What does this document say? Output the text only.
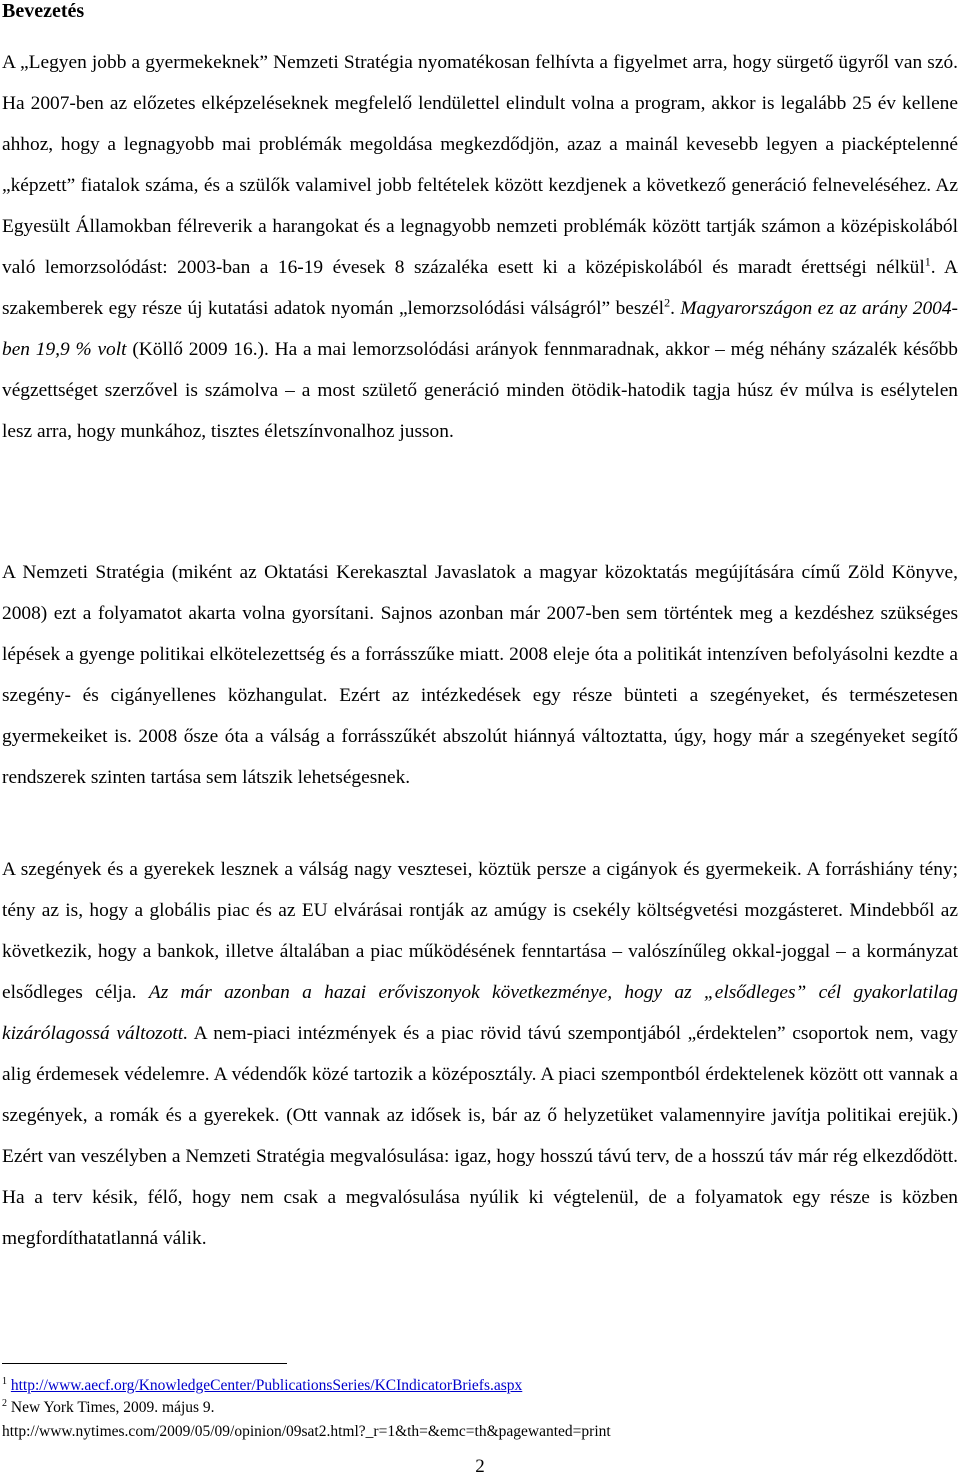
Bevezetés

A „Legyen jobb a gyermekeknek” Nemzeti Stratégia nyomatékosan felhívta a figyelmet arra, hogy sürgető ügyről van szó. Ha 2007-ben az előzetes elképzeléseknek megfelelő lendülettel elindult volna a program, akkor is legalább 25 év kellene ahhoz, hogy a legnagyobb mai problémák megoldása megkezdődjön, azaz a mainál kevesebb legyen a piacképtelenné „képzett” fiatalok száma, és a szülők valamivel jobb feltételek között kezdjenek a következő generáció felneveléséhez. Az Egyesült Államokban félreverik a harangokat és a legnagyobb nemzeti problémák között tartják számon a középiskolából való lemorzsolódást: 2003-ban a 16-19 évesek 8 százaléka esett ki a középiskolából és maradt érettségi nélkül$^1$. A szakemberek egy része új kutatási adatok nyomán „lemorzsolódási válságról” beszél$^2$. Magyarországon ez az arány 2004-ben 19,9 % volt (Köllő 2009 16.). Ha a mai lemorzsolódási arányok fennmaradnak, akkor – még néhány százalék később végzettséget szerzővel is számolva – a most születő generáció minden ötödik-hatodik tagja húsz év múlva is esélytelen lesz arra, hogy munkához, tisztes életszínvonalhoz jusson.

A Nemzeti Stratégia (miként az Oktatási Kerekasztal Javaslatok a magyar közoktatás megújítására című Zöld Könyve, 2008) ezt a folyamatot akarta volna gyorsítani. Sajnos azonban már 2007-ben sem történtek meg a kezdéshez szükséges lépések a gyenge politikai elkötelezettség és a forrásszűke miatt. 2008 eleje óta a politikát intenzíven befolyásolni kezdte a szegény- és cigányellenes közhangulat. Ezért az intézkedések egy része bünteti a szegényeket, és természetesen gyermekeiket is. 2008 ősze óta a válság a forrásszűkét abszolút hiánnyá változtatta, úgy, hogy már a szegényeket segítő rendszerek szinten tartása sem látszik lehetségesnek.

A szegények és a gyerekek lesznek a válság nagy vesztesei, köztük persze a cigányok és gyermekeik. A forráshiány tény; tény az is, hogy a globális piac és az EU elvárásai rontják az amúgy is csekély költségvetési mozgásteret. Mindebből az következik, hogy a bankok, illetve általában a piac működésének fenntartása – valószínűleg okkal-joggal – a kormányzat elsődleges célja. Az már azonban a hazai erőviszonyok következménye, hogy az „elsődleges” cél gyakorlatilag kizárólagossá változott. A nem-piaci intézmények és a piac rövid távú szempontjából „érdektelen” csoportok nem, vagy alig érdemesek védelemre. A védendők közé tartozik a középosztály. A piaci szempontból érdektelenek között ott vannak a szegények, a romák és a gyerekek. (Ott vannak az idősek is, bár az ő helyzetüket valamennyire javítja politikai erejük.) Ezért van veszélyben a Nemzeti Stratégia megvalósulása: igaz, hogy hosszú távú terv, de a hosszú táv már rég elkezdődött. Ha a terv késik, félő, hogy nem csak a megvalósulása nyúlik ki végtelenül, de a folyamatok egy része is közben megfordíthatatlanná válik.

$^1$ http://www.aecf.org/KnowledgeCenter/PublicationsSeries/KCIndicatorBriefs.aspx
$^2$ New York Times, 2009. május 9.
http://www.nytimes.com/2009/05/09/opinion/09sat2.html?_r=1&th=&emc=th&pagewanted=print
2
